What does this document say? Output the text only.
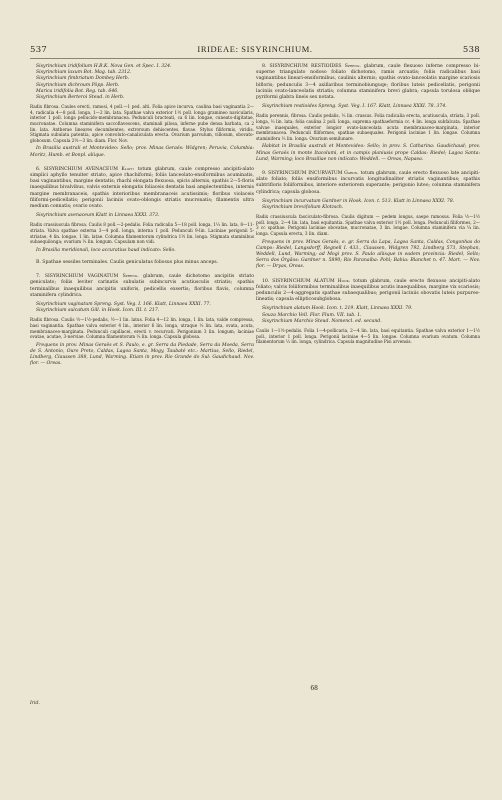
537	IRIDEAE: SISYRINCHIUM.	538

Sisyrinchium iridifolium H.B.K. Nova Gen. et Spec. I. 324.

Sisyrinchium laxum Bot. Mag. tab. 2312.

Sisyrinchium fimbriatum Dombey Herb.

Sisyrinchium dichroum Pöpp. Herb.

Marica iridifolia Bot. Reg. tab. 646.

Sisyrinchium Berteroi Steud. in Herb.

Radix fibrosa. Caules erecti, ramosi, 4 poll.—1 ped. alti. Folia apice incurva, caulina basi vaginantia 2—4, radicalia 4—8 poll. longa, 1—2 lin. lata. Spathae valva exterior 1½ poll. longa gramineo navicularis, interior 1 poll. longa pellucido-membranacea. Pedunculi bracteati, ca 6 lin. longae, cuneato-digitatae, mucronatae. Columna staminifera saccoflavescens, staminali pilosa, inferne pube densa barbata, ca 2 lin. lata. Antherae lineares decumbentes, extrorsum dehiscentes, flavae. Stylus filiformis, viridis. Stigmata subulata patentia, apice convoluto-canaliculata erecta. Ovarium parvulum, villosum, obovato-globosum. Capsula 2½—3 lin. diam. Flor. Nov.

In Brasilia australi et Montevideo: Sello; prov. Minas Geraës: Widgren; Peruvia, Columbia: Moritz, Humb. et Bonpl. aliique.

6. SISYRINCHIUM AVENACEUM Klatt: totum glabrum, caule compresso ancipiti-alato simplici aphyllo tenuiter striato, apice rhachiformi; foliis lanceolato-ensiformibus acuminatis, basi vaginantibus, margine dentatis; rhachi elongata flexuosa, spicis alternis, spathis 2—5-floris inaequilibus bivalvibus, valvis externis elongatis foliaceis dentatis basi amplectentibus, internis margine membranaceis, spathis interioribus membranaceis acutissimis; floribus violaceis filiformi-pedicellatis; perigonii laciniis ovato-oblongis striatis mucronatis; filamentis ultra medium connatis; ovario ovato.

Sisyrinchium avenaceum Klatt in Linnaea XXXI. 373.

Radix crassiuscula fibrosa. Caulis 8 poll.—2-pedalis. Folia radicalia 5—18 poll. longa, 1⅓ lin. lata, 8—11-striata. Valva spathae externa 3—4 poll. longa, interna 1 poll. Pedunculi 9-lin. Laciniae perigonii 5-striatae, 4 lin. longae, 1 lin. latae. Columna filamentorum cylindrica 1½ lin. longa. Stigmata staminibus subaequilonga; ovarium ⅓ lin. longum. Capsulam non vidi.

In Brasilia meridionali, loco accuratius haud indicato: Sello.

B. Spathae sessiles terminales. Caulis geniculatus foliosus plus minus anceps.

7. SISYRINCHIUM VAGINATUM Spreng. glabrum, caule dichotomo ancipitis striato geniculato; foliis leviter carinatis subulatis subincurvis acutiusculis striatis; spathis terminalibus inaequilibus ancipitis uniforis, pedicellis exsertis; floribus flavis, columna staminifera cylindrica.

Sisyrinchium vaginatum Spreng. Syst. Veg. I. 166. Klatt, Linnaea XXXI. 77.

Sisyrinchium sulcatum Gill. in Hook. Icon. III. t. 217.

Radix fibrosa. Caulis ½—1½-pedalis, ½—1 lin. latus. Folia 4—12 lin. longa, 1 lin. lata, valde compressa, basi vaginantia. Spathae valva exterior 4 lin., interior 6 lin. longa, utraque ⅓ lin. lata, ovata, acuta, membranaceo-marginata. Pedunculi capillacei, erecti v. recurvati. Perigonium 3 lin. longum; laciniae ovatae, acutae, 3-nerviae. Columna filamentorum ⅓ lin. longa. Capsula globosa.

Frequens in prov. Minas Geraës et S. Paulo, e. gr. Serra da Piedade, Serra da Moeda, Serra de S. Antonio, Ouro Preto, Caldas, Lagoa Santa, Mogy, Taubaté etc.: Martius, Sello, Riedel, Lindberg, Claussen 388, Lund, Warming. Etiam in prov. Rio Grande do Sul: Gaudichaud. Nov. flor. — Oreas.

Irid.

8. SISYRINCHIUM RESTIOIDES Spreng. glabrum, caule flexuoso inferne compresso bi- superne triangulato nodoso foliato dichotomo, ramis arcuatis; foliis radicalibus basi vaginantibus lineari-ensiformibus, caulinis alternis; spathis ovato-lanceolatis margine scariosis bifloris; pedunculis 3—4 axillaribus terminobiunguqe; floribus luteis pedicellatis, perigonii laciniis ovato-lanceolatis striatis; columna staminifera brevi glabra; capsula torulosa oblique pyriformi glabra lineis sex notata.

Sisyrinchium restioides Spreng. Syst. Veg. I. 167. Klatt, Linnaea XXXI. 78. 374.

Radix perennis, fibrosa. Caulis pedalis, ⅓ lin. crassus. Folia radicalia erecta, acutiuscula, striata, 3 poll. longa, ⅓ lin. lata; folia caulina 2 poll. longa, suprema spathaeformia cc. 4 lin. longa subfalcata. Spathae valvae inaequales, exterior longior ovato-lanceolata acuta membranaceo-marginata, interior membranacea. Pedunculi filiformes, spathae subaequales. Perigonii laciniae 1 lin. longae. Columna staminifera ⅓ lin. longa. Ovarium semilunare.

Habitat in Brasilia australi et Montevideo: Sello; in prov. S. Catharina: Gaudichaud; prov. Minas Geraës in monte Itacolumi, et in campis planiusis prope Caldas: Riedel; Lagoa Santa: Lund, Warming; loco Brasiliae non indicato: Weddell. — Oreas, Napaea.

9. SISYRINCHIUM INCURVATUM Gardn. totum glabrum, caule erecto flexuoso late ancipiti-alato foliato; foliis ensiformibus incurvatis longitudinaliter striatis vaginantibus; spathis subtrifloris foliiformibus, interiore exteriorem superante; perigonio luteo; columna staminifera cylindrica; capsula globosa.

Sisyrinchium incurvatum Gardner in Hook. Icon. t. 513. Klatt in Linnaea XXXI. 78.

Sisyrinchium brevifolium Klotzsch.

Radix crassiuscula fasciculato-fibrosa. Caulis digitum — pedem longus, saepe ramosus. Folia ½—1½ poll. longa, 2—4 lin. lata, basi equitantia. Spathae valva exterior 1½ poll. longa. Pedunculi filiformes, 2—3 cc spathae. Perigonii laciniae obovatae, mucronatae, 3 lin. longae. Columna staminifera via ¼ lin. longa. Capsula erecta, 3 lin. diam.

Frequens in prov. Minas Geraës, e. gr. Serra da Lapa, Lagoa Santa, Caldas, Congonhas do Campo: Riedel, Langsdorff, Regnell I. 433., Claussen, Widgren 792, Lindberg 573, Stephan, Weddell, Lund, Warming; ad Mogi prov. S. Paulo aliisque in eadem provincia: Riedel, Sello; Serra dos Órgãos: Gardner n. 5890; Rio Paranaíba: Pohl; Bahia: Blanchet n. 47. Mart. — Nov. flor. — Dryas, Oreas.

10. SISYRINCHIUM ALATUM Hook. totum glabrum, caule erecto flexuoso ancipiti-alato foliato; valvis foliiformibus terminalibus inaequilibus acutis inaequalibus, margine vix scariosis; pedunculis 2—4-aggregatis spathae subaequalibus; perigonii laciniis obovatis luteis purpureo-lineatis; capsula ellipticosubglobosa.

Sisyrinchium alatum Hook. Icon. t. 219. Klatt, Linnaea XXXI. 79.

Souza Marchio Vell. Flor. Flum. VII. tab. 1.

Sisyrinchium Marchio Steud. Nomencl. ed. secund.

Caulis 1—1½-pedalis. Folia 1—4-pollicaria, 2—4 lin. lata, basi equitantia. Spathae valva exterior 1—1½ poll., interior 1 poll. longa. Perigonii laciniae 4—5 lin. longae. Columna ovarium ovatum. Columna filamentorum ⅓ lin. longa, cylindrica. Capsula magnitudine Pisi arvensis.

68
